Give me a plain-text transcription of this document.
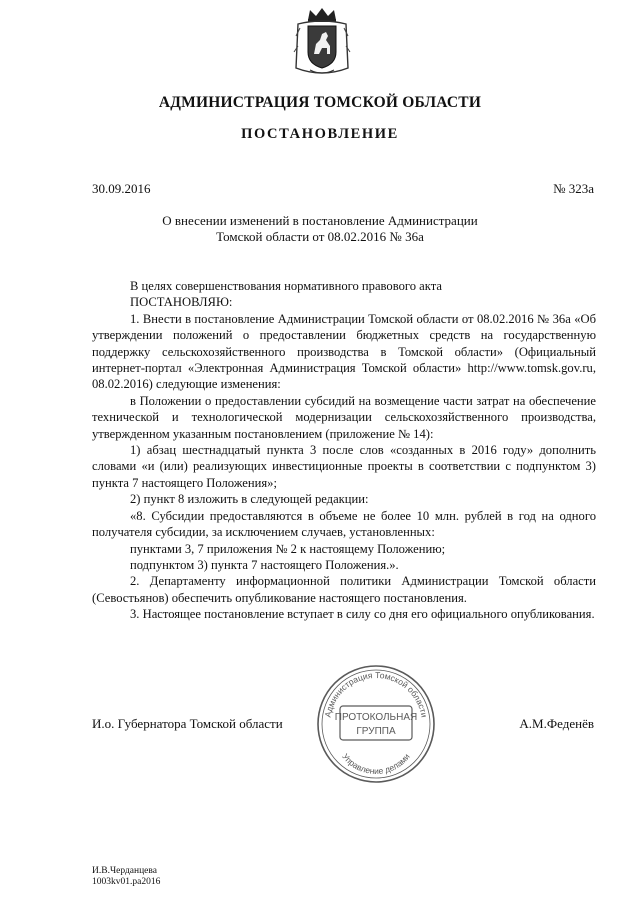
АДМИНИСТРАЦИЯ ТОМСКОЙ ОБЛАСТИ
ПОСТАНОВЛЕНИЕ
30.09.2016	№ 323а
О внесении изменений в постановление Администрации
Томской области от 08.02.2016 № 36а

В целях совершенствования нормативного правового акта

ПОСТАНОВЛЯЮ:

1. Внести в постановление Администрации Томской области от 08.02.2016 № 36а «Об утверждении положений о предоставлении бюджетных средств на государственную поддержку сельскохозяйственного производства в Томской области» (Официальный интернет-портал «Электронная Администрация Томской области» http://www.tomsk.gov.ru, 08.02.2016) следующие изменения:

в Положении о предоставлении субсидий на возмещение части затрат на обеспечение технической и технологической модернизации сельскохозяйственного производства, утвержденном указанным постановлением (приложение № 14):

1) абзац шестнадцатый пункта 3 после слов «созданных в 2016 году» дополнить словами «и (или) реализующих инвестиционные проекты в соответствии с подпунктом 3) пункта 7 настоящего Положения»;

2) пункт 8 изложить в следующей редакции:

«8. Субсидии предоставляются в объеме не более 10 млн. рублей в год на одного получателя субсидии, за исключением случаев, установленных:

пунктами 3, 7 приложения № 2 к настоящему Положению;

подпунктом 3) пункта 7 настоящего Положения.».

2. Департаменту информационной политики Администрации Томской области (Севостьянов) обеспечить опубликование настоящего постановления.

3. Настоящее постановление вступает в силу со дня его официального опубликования.

И.о. Губернатора Томской области
Администрация Томской области
Управление делами
ПРОТОКОЛЬНАЯ
ГРУППА
А.М.Феденёв
И.В.Черданцева
1003kv01.pa2016
